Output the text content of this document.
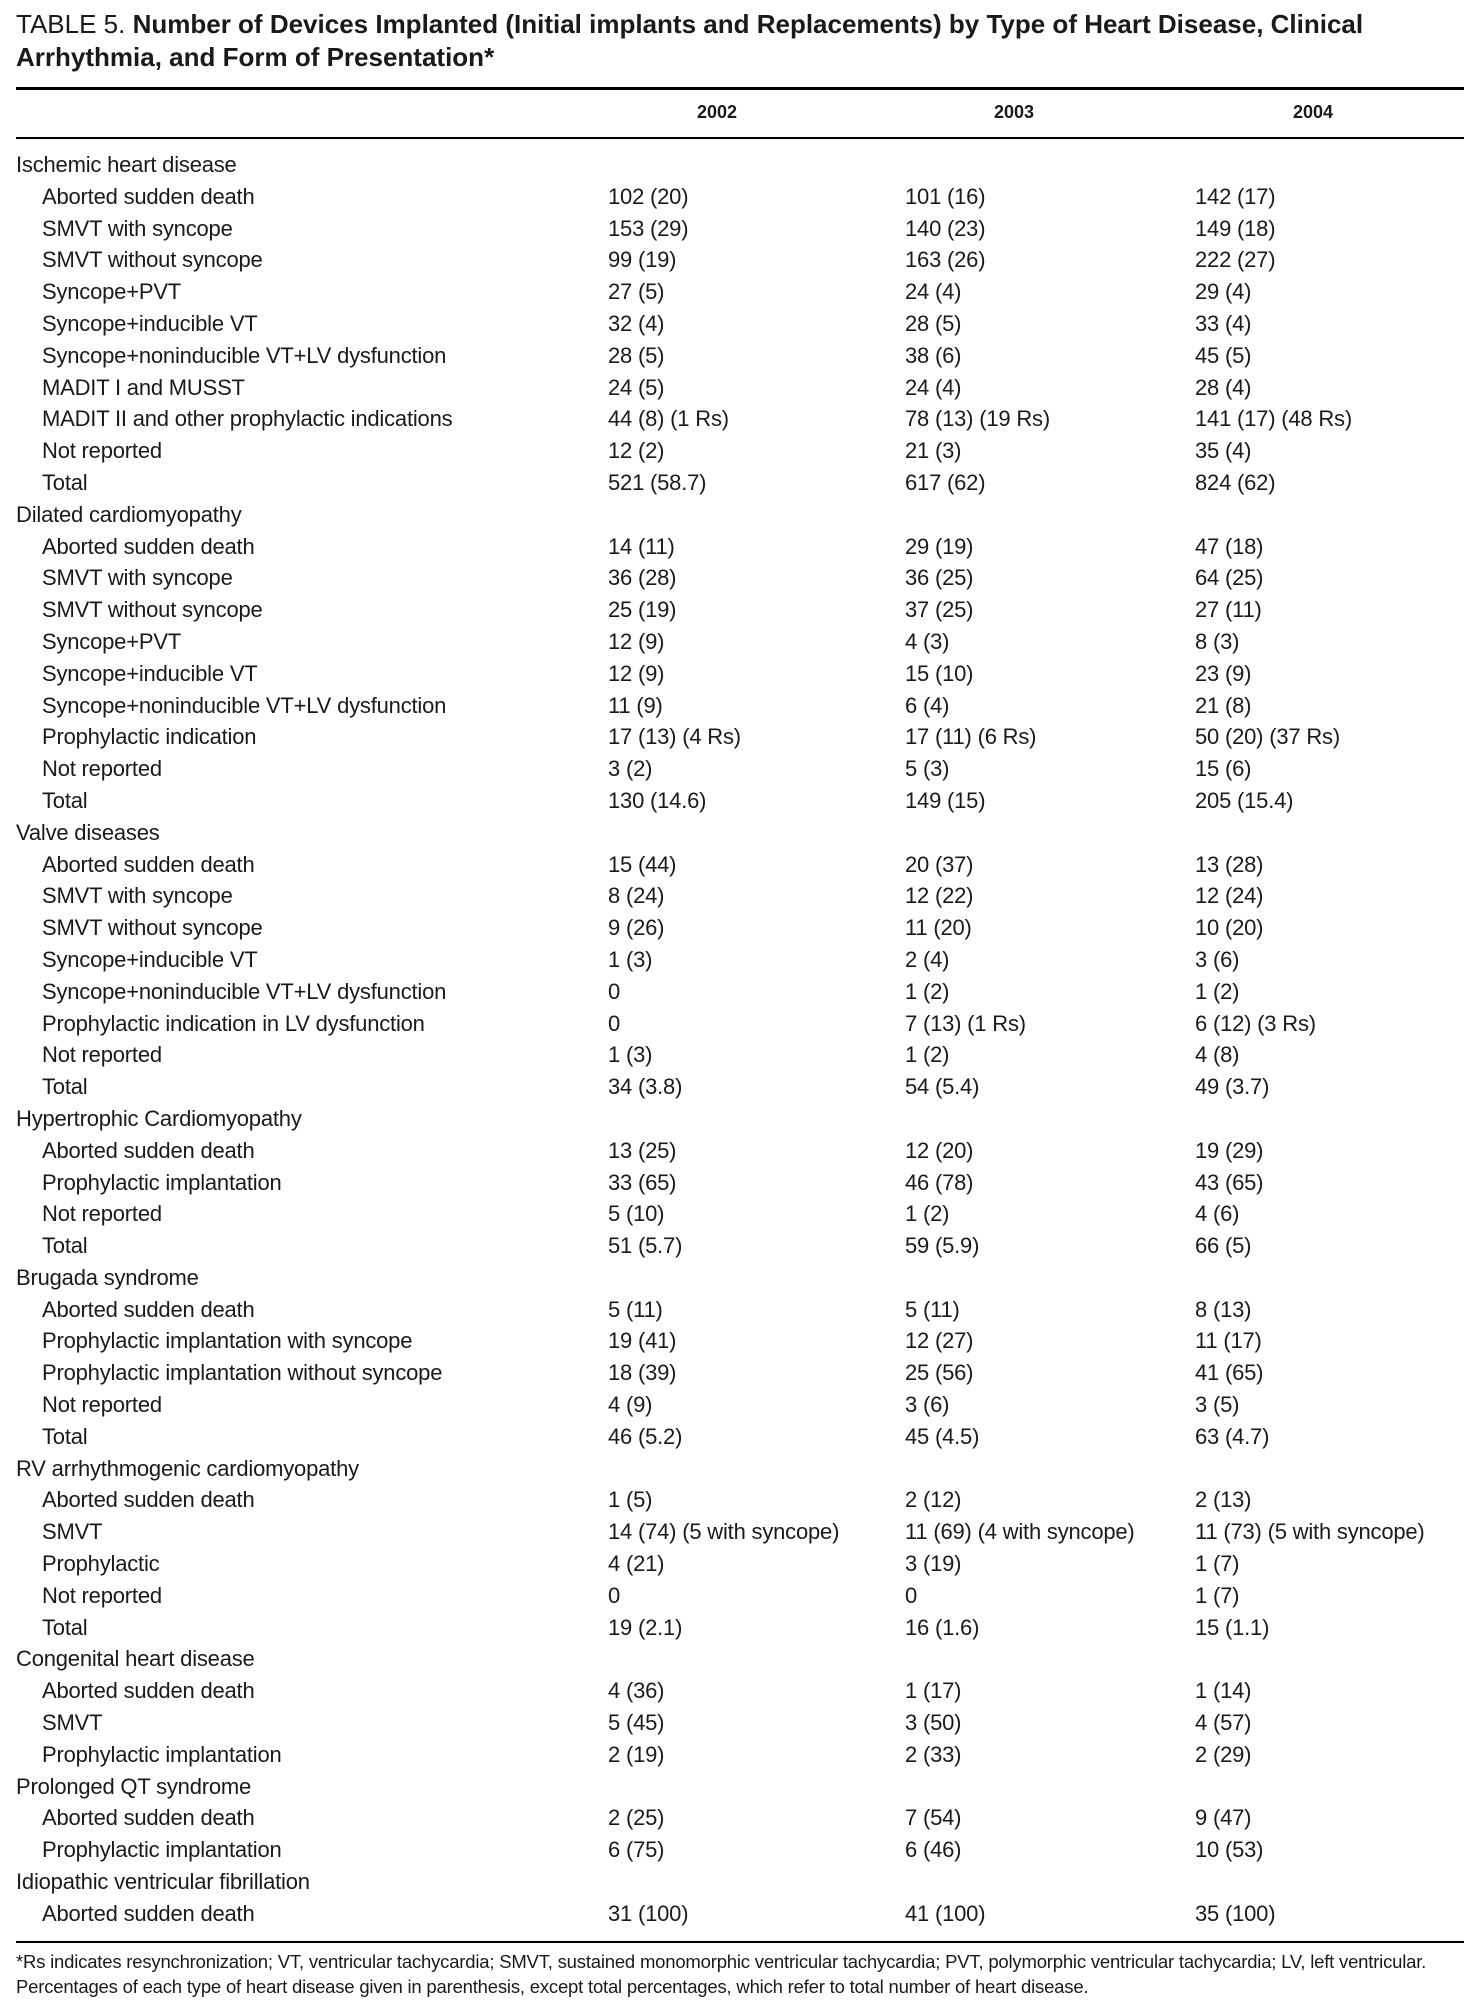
TABLE 5. Number of Devices Implanted (Initial implants and Replacements) by Type of Heart Disease, Clinical Arrhythmia, and Form of Presentation*
2002	2003	2004
Ischemic heart disease
Aborted sudden death	102 (20)	101 (16)	142 (17)
SMVT with syncope	153 (29)	140 (23)	149 (18)
SMVT without syncope	99 (19)	163 (26)	222 (27)
Syncope+PVT	27 (5)	24 (4)	29 (4)
Syncope+inducible VT	32 (4)	28 (5)	33 (4)
Syncope+noninducible VT+LV dysfunction	28 (5)	38 (6)	45 (5)
MADIT I and MUSST	24 (5)	24 (4)	28 (4)
MADIT II and other prophylactic indications	44 (8) (1 Rs)	78 (13) (19 Rs)	141 (17) (48 Rs)
Not reported	12 (2)	21 (3)	35 (4)
Total	521 (58.7)	617 (62)	824 (62)
Dilated cardiomyopathy
Aborted sudden death	14 (11)	29 (19)	47 (18)
SMVT with syncope	36 (28)	36 (25)	64 (25)
SMVT without syncope	25 (19)	37 (25)	27 (11)
Syncope+PVT	12 (9)	4 (3)	8 (3)
Syncope+inducible VT	12 (9)	15 (10)	23 (9)
Syncope+noninducible VT+LV dysfunction	11 (9)	6 (4)	21 (8)
Prophylactic indication	17 (13) (4 Rs)	17 (11) (6 Rs)	50 (20) (37 Rs)
Not reported	3 (2)	5 (3)	15 (6)
Total	130 (14.6)	149 (15)	205 (15.4)
Valve diseases
Aborted sudden death	15 (44)	20 (37)	13 (28)
SMVT with syncope	8 (24)	12 (22)	12 (24)
SMVT without syncope	9 (26)	11 (20)	10 (20)
Syncope+inducible VT	1 (3)	2 (4)	3 (6)
Syncope+noninducible VT+LV dysfunction	0	1 (2)	1 (2)
Prophylactic indication in LV dysfunction	0	7 (13) (1 Rs)	6 (12) (3 Rs)
Not reported	1 (3)	1 (2)	4 (8)
Total	34 (3.8)	54 (5.4)	49 (3.7)
Hypertrophic Cardiomyopathy
Aborted sudden death	13 (25)	12 (20)	19 (29)
Prophylactic implantation	33 (65)	46 (78)	43 (65)
Not reported	5 (10)	1 (2)	4 (6)
Total	51 (5.7)	59 (5.9)	66 (5)
Brugada syndrome
Aborted sudden death	5 (11)	5 (11)	8 (13)
Prophylactic implantation with syncope	19 (41)	12 (27)	11 (17)
Prophylactic implantation without syncope	18 (39)	25 (56)	41 (65)
Not reported	4 (9)	3 (6)	3 (5)
Total	46 (5.2)	45 (4.5)	63 (4.7)
RV arrhythmogenic cardiomyopathy
Aborted sudden death	1 (5)	2 (12)	2 (13)
SMVT	14 (74) (5 with syncope)	11 (69) (4 with syncope)	11 (73) (5 with syncope)
Prophylactic	4 (21)	3 (19)	1 (7)
Not reported	0	0	1 (7)
Total	19 (2.1)	16 (1.6)	15 (1.1)
Congenital heart disease
Aborted sudden death	4 (36)	1 (17)	1 (14)
SMVT	5 (45)	3 (50)	4 (57)
Prophylactic implantation	2 (19)	2 (33)	2 (29)
Prolonged QT syndrome
Aborted sudden death	2 (25)	7 (54)	9 (47)
Prophylactic implantation	6 (75)	6 (46)	10 (53)
Idiopathic ventricular fibrillation
Aborted sudden death	31 (100)	41 (100)	35 (100)
*Rs indicates resynchronization; VT, ventricular tachycardia; SMVT, sustained monomorphic ventricular tachycardia; PVT, polymorphic ventricular tachycardia; LV, left ventricular. Percentages of each type of heart disease given in parenthesis, except total percentages, which refer to total number of heart disease.
